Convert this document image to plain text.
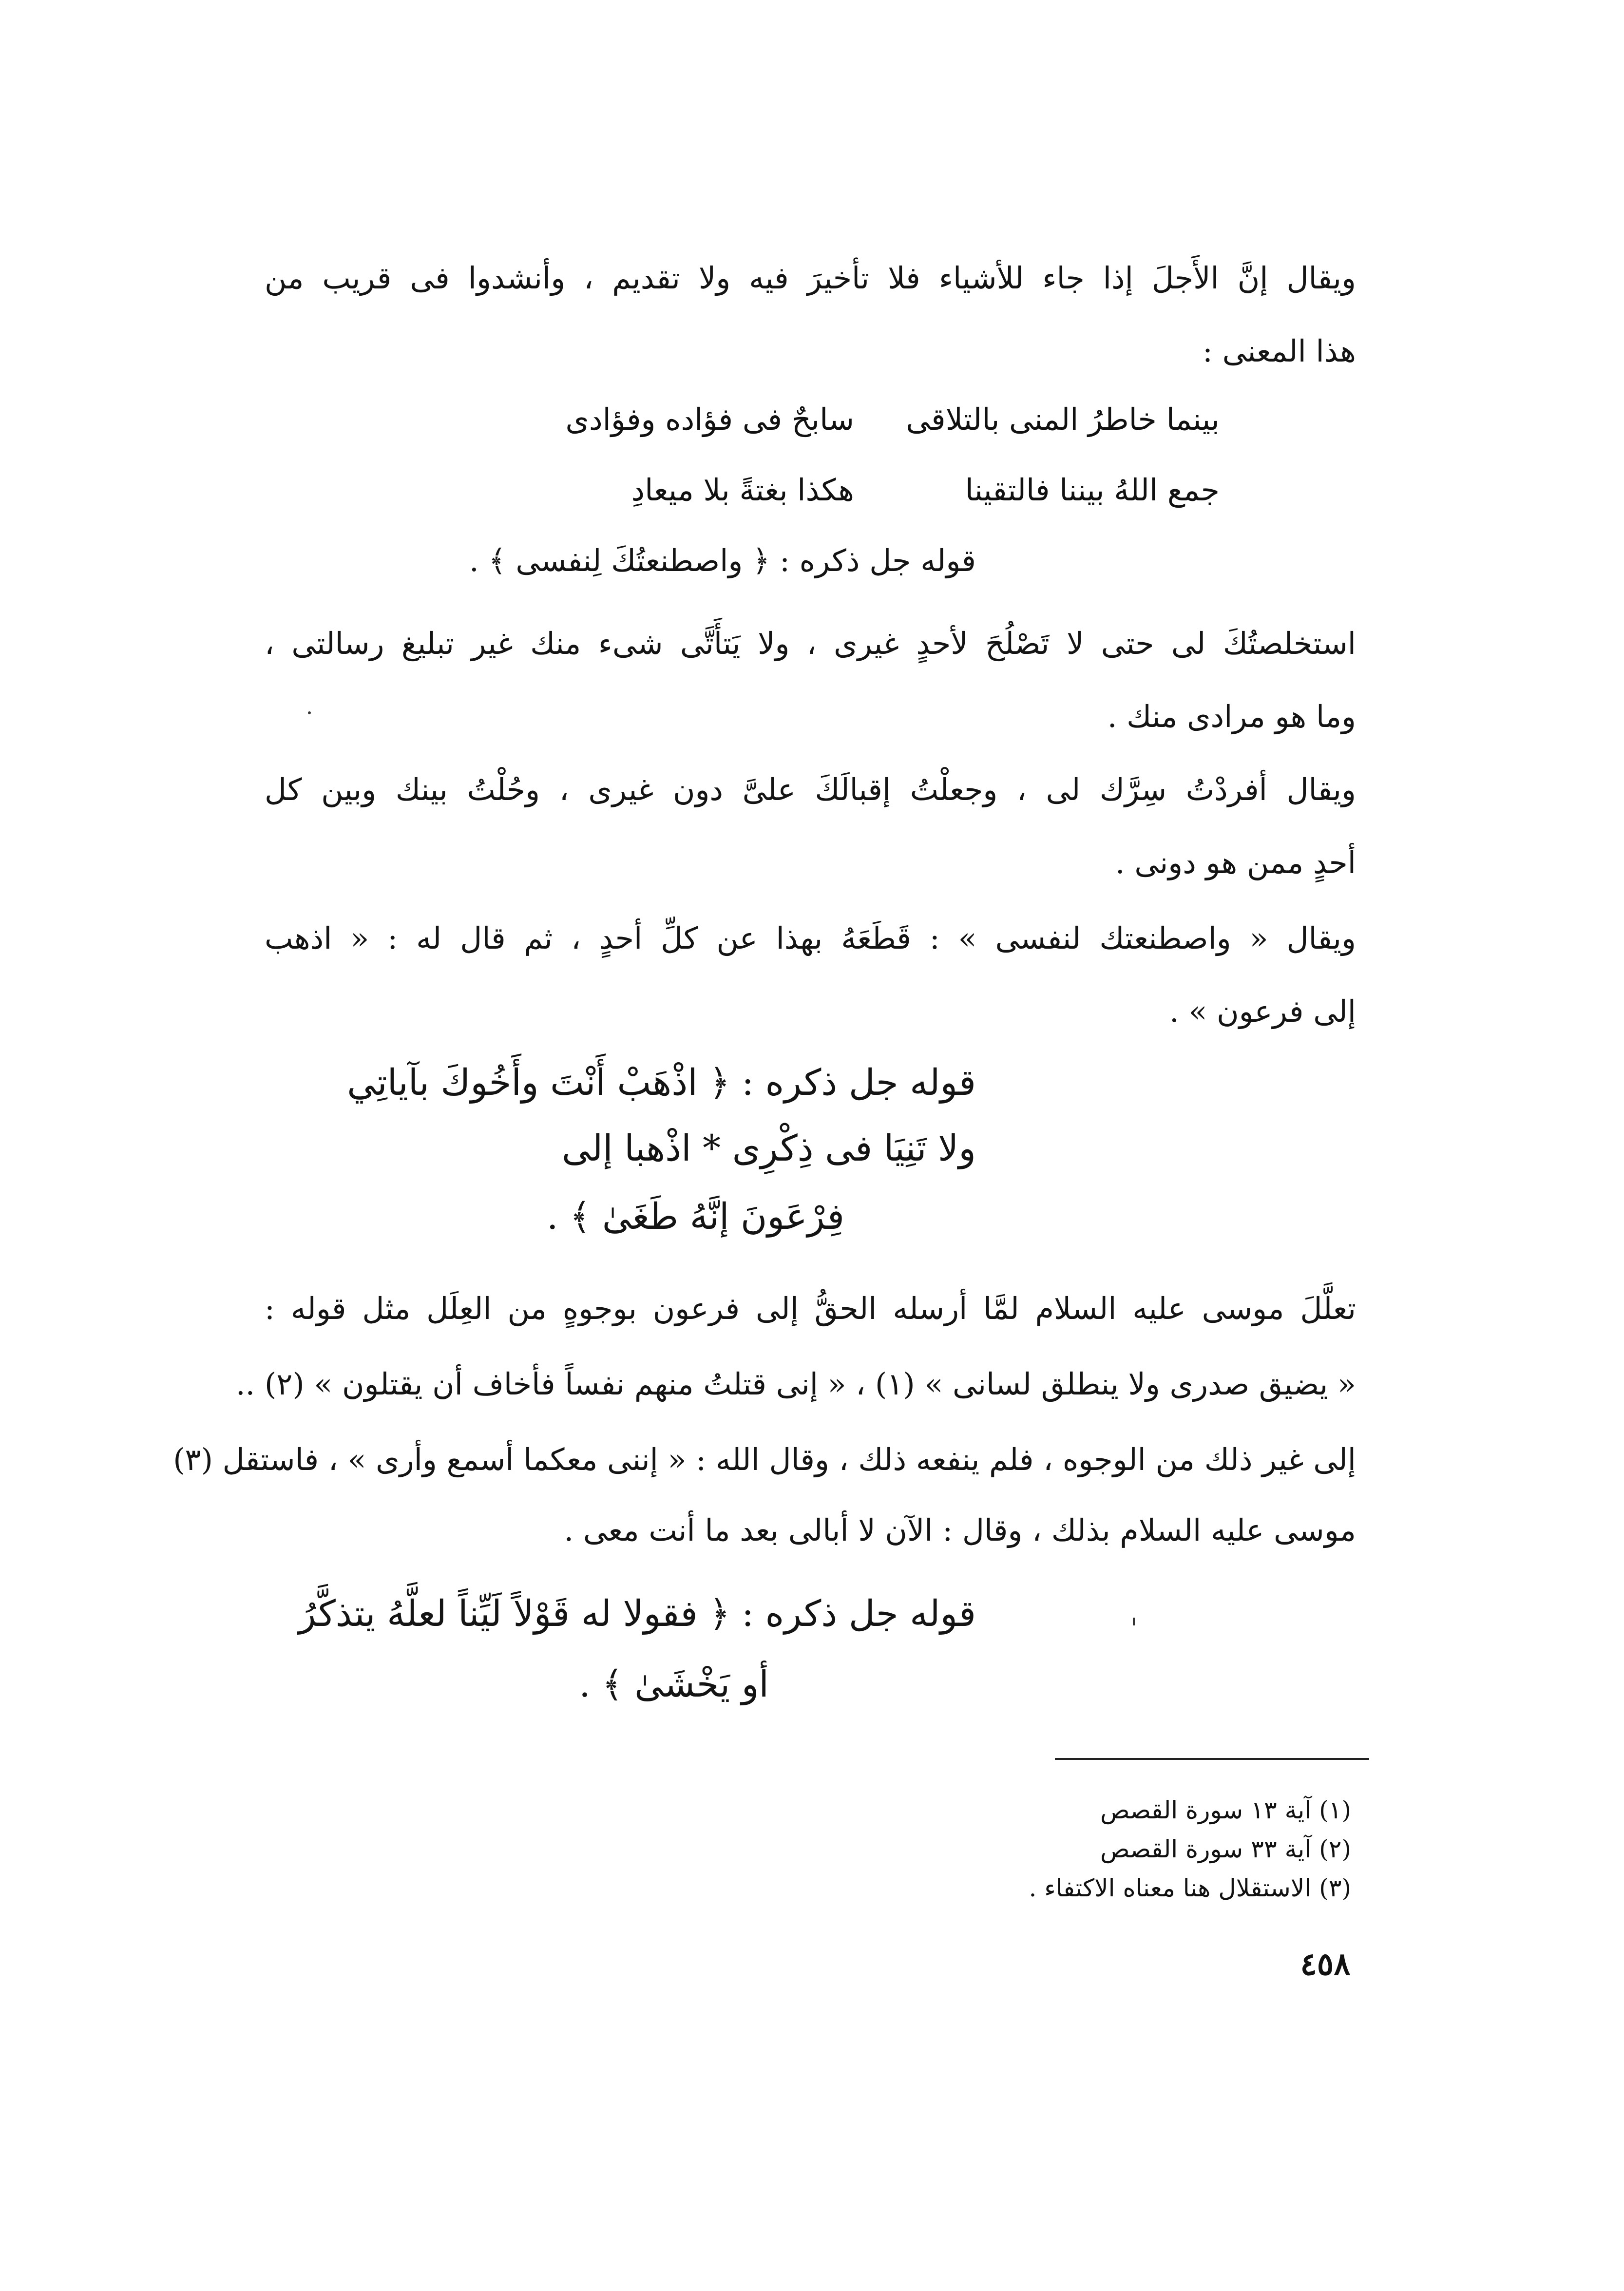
ويقال إنَّ الأَجلَ إذا جاء للأشياء فلا تأخيرَ فيه ولا تقديم ، وأنشدوا فى قريب من
هذا المعنى :
بينما خاطرُ المنى بالتلاقى
سابحٌ فى فؤاده وفؤادى
جمع اللهُ بيننا فالتقينا
هكذا بغتةً بلا ميعادِ
قوله جل ذكره : ﴿ واصطنعتُكَ لِنفسى ﴾ .
استخلصتُكَ لى حتى لا تَصْلُحَ لأحدٍ غيرى ، ولا يَتأَتَّى شىء منك غير تبليغ رسالتى ،
وما هو مرادى منك .
ويقال أفردْتُ سِرَّك لى ، وجعلْتُ إقبالَكَ علىَّ دون غيرى ، وحُلْتُ بينك وبين كل
أحدٍ ممن هو دونى .
ويقال « واصطنعتك لنفسى » : قَطَعَهُ بهذا عن كلِّ أحدٍ ، ثم قال له : « اذهب
إلى فرعون » .
قوله جل ذكره : ﴿ اذْهَبْ أَنْتَ وأَخُوكَ بآياتِي
ولا تَنِيَا فى ذِكْرِى * اذْهبا إلى
فِرْعَونَ إنَّهُ طَغَىٰ ﴾ .
تعلَّلَ موسى عليه السلام لمَّا أرسله الحقُّ إلى فرعون بوجوهٍ من العِلَل مثل قوله :
« يضيق صدرى ولا ينطلق لسانى » (١) ، « إنى قتلتُ منهم نفساً فأخاف أن يقتلون » (٢) ..
إلى غير ذلك من الوجوه ، فلم ينفعه ذلك ، وقال الله : « إننى معكما أسمع وأرى » ، فاستقل (٣)
موسى عليه السلام بذلك ، وقال : الآن لا أبالى بعد ما أنت معى .
قوله جل ذكره : ﴿ فقولا له قَوْلاً لَيِّناً لعلَّهُ يتذكَّرُ
أو يَخْشَىٰ ﴾ .
(١) آية ١٣ سورة القصص
(٢) آية ٣٣ سورة القصص
(٣) الاستقلال هنا معناه الاكتفاء .
٤٥٨
